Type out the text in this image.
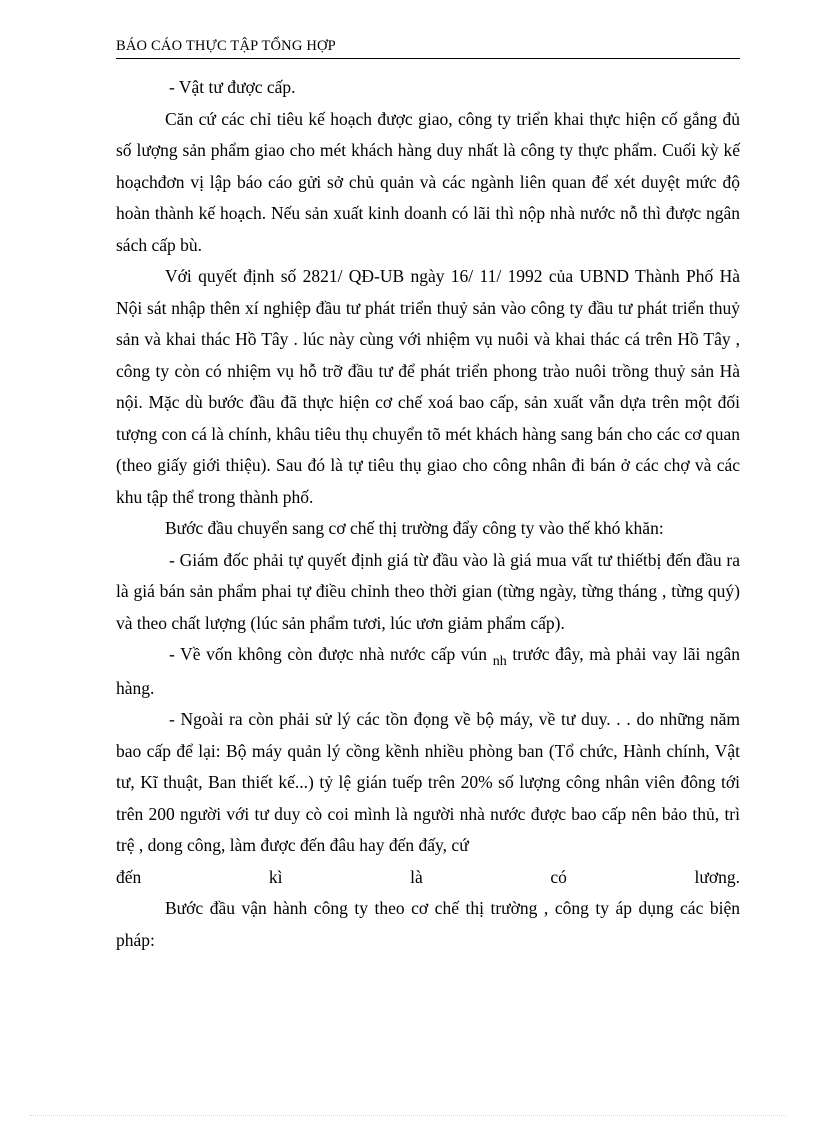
BÁO CÁO THỰC TẬP TỔNG HỢP

- Vật tư được cấp.

Căn cứ các chỉ tiêu kế hoạch được giao, công ty triển khai thực hiện cố gắng đủ số lượng sản phẩm giao cho mét khách hàng duy nhất là công ty thực phẩm. Cuối kỳ kế hoạchđơn vị lập báo cáo gửi sở chủ quản và các ngành liên quan để xét duyệt mức độ hoàn thành kế hoạch. Nếu sản xuất kinh doanh có lãi thì nộp nhà nước nỗ thì được ngân sách cấp bù.

Với quyết định số 2821/ QĐ-UB ngày 16/ 11/ 1992 của UBND Thành Phố Hà Nội sát nhập thên xí nghiệp đầu tư phát triển thuỷ sản vào công ty đầu tư phát triển thuỷ sản và khai thác Hồ Tây . lúc này cùng với nhiệm vụ nuôi và khai thác cá trên Hồ Tây , công ty còn có nhiệm vụ hỗ trỡ đầu tư để phát triển phong trào nuôi trồng thuỷ sản Hà nội. Mặc dù bước đầu đã thực hiện cơ chế xoá bao cấp, sản xuất vẫn dựa trên một đối tượng con cá là chính, khâu tiêu thụ chuyển tõ mét khách hàng sang bán cho các cơ quan (theo giấy giới thiệu). Sau đó là tự tiêu thụ giao cho công nhân đi bán ở các chợ và các khu tập thể trong thành phố.

Bước đầu chuyển sang cơ chế thị trường đẩy công ty vào thế khó khăn:

- Giám đốc phải tự quyết định giá từ đầu vào là giá mua vất tư thiếtbị đến đầu ra là giá bán sản phẩm phai tự điều chỉnh theo thời gian (từng ngày, từng tháng , từng quý) và theo chất lượng (lúc sản phẩm tươi, lúc ươn giảm phẩm cấp).

- Về vốn không còn được nhà nước cấp vún $_{nh}$ trước đây, mà phải vay lãi ngân hàng.

- Ngoài ra còn phải sử lý các tồn đọng về bộ máy, về tư duy. . . do những năm bao cấp để lại: Bộ máy quản lý cồng kềnh nhiều phòng ban (Tổ chức, Hành chính, Vật tư, Kĩ thuật, Ban thiết kế...) tỷ lệ gián tuếp trên 20% số lượng công nhân viên đông tới trên 200 người với tư duy cò coi mình là người nhà nước được bao cấp nên bảo thủ, trì trệ , dong công, làm được đến đâu hay đến đấy, cứ

đến kì là có lương.

Bước đầu vận hành công ty theo cơ chế thị trường , công ty áp dụng các biện pháp:
